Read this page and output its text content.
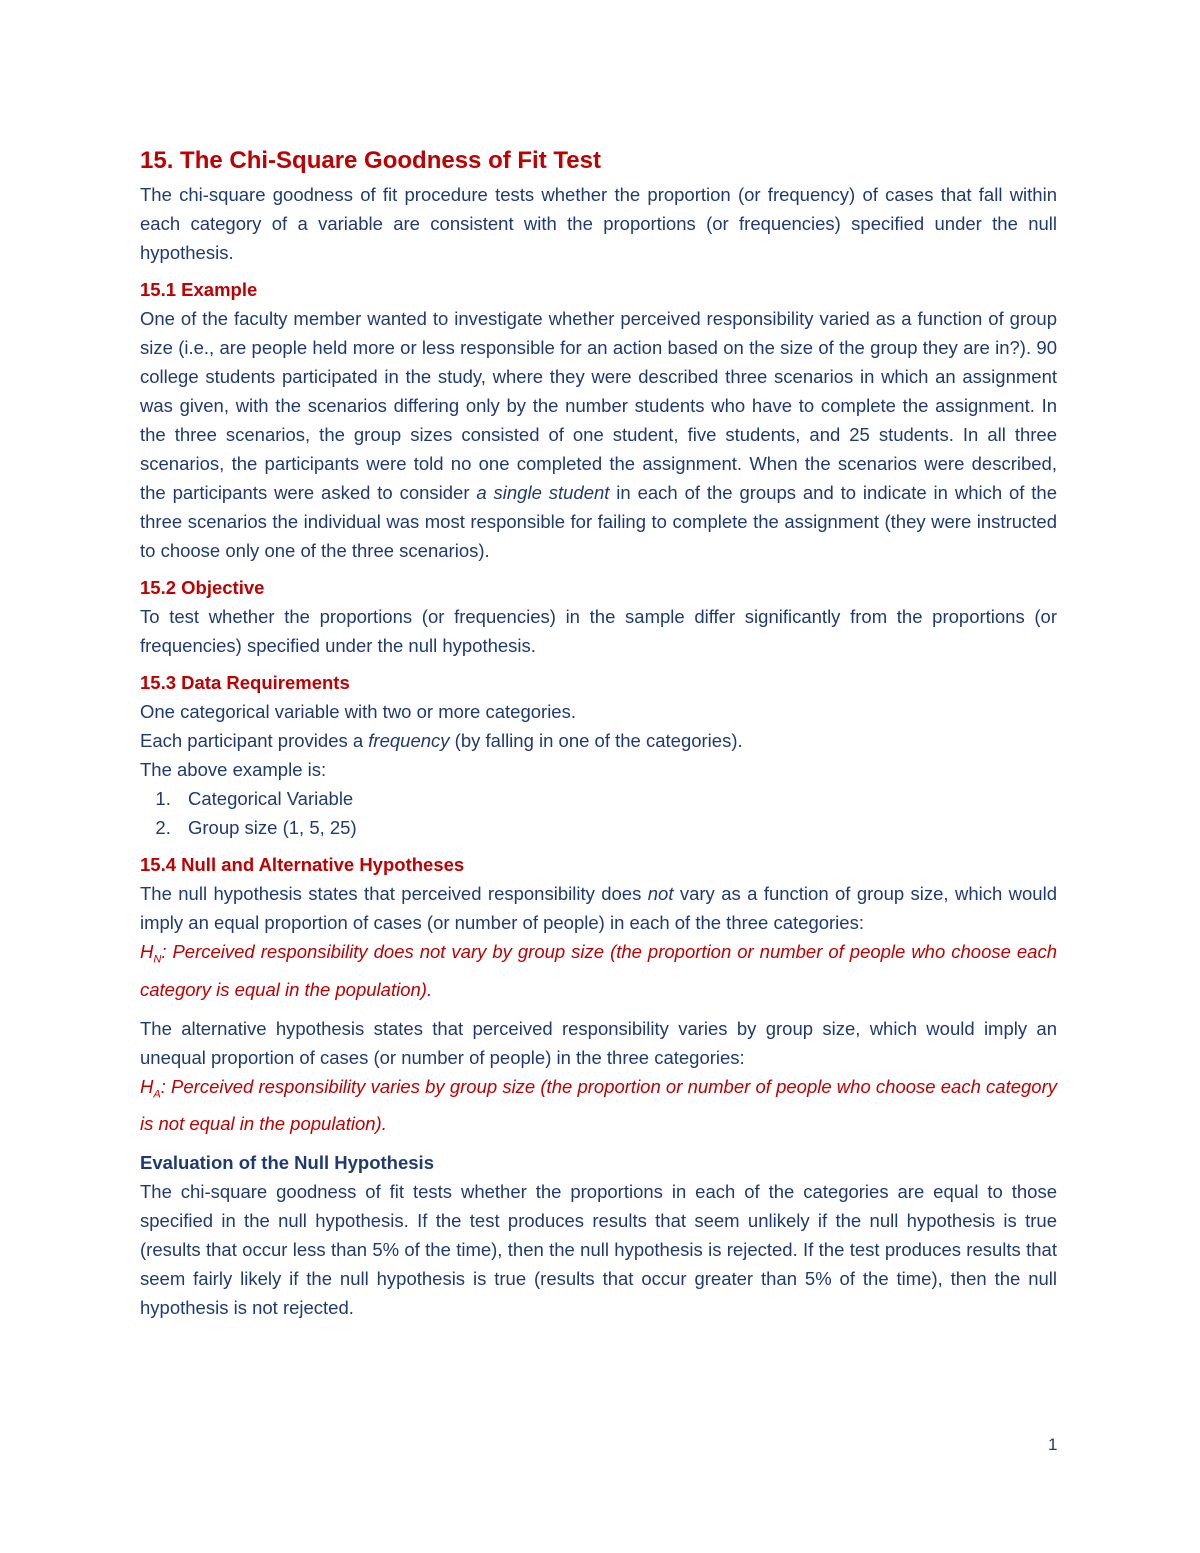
15. The Chi-Square Goodness of Fit Test

The chi-square goodness of fit procedure tests whether the proportion (or frequency) of cases that fall within each category of a variable are consistent with the proportions (or frequencies) specified under the null hypothesis.

15.1 Example

One of the faculty member wanted to investigate whether perceived responsibility varied as a function of group size (i.e., are people held more or less responsible for an action based on the size of the group they are in?). 90 college students participated in the study, where they were described three scenarios in which an assignment was given, with the scenarios differing only by the number students who have to complete the assignment. In the three scenarios, the group sizes consisted of one student, five students, and 25 students. In all three scenarios, the participants were told no one completed the assignment. When the scenarios were described, the participants were asked to consider a single student in each of the groups and to indicate in which of the three scenarios the individual was most responsible for failing to complete the assignment (they were instructed to choose only one of the three scenarios).

15.2 Objective

To test whether the proportions (or frequencies) in the sample differ significantly from the proportions (or frequencies) specified under the null hypothesis.

15.3 Data Requirements

One categorical variable with two or more categories.

Each participant provides a frequency (by falling in one of the categories).

The above example is:

1. Categorical Variable
2. Group size (1, 5, 25)
15.4 Null and Alternative Hypotheses

The null hypothesis states that perceived responsibility does not vary as a function of group size, which would imply an equal proportion of cases (or number of people) in each of the three categories:

$H_N$: Perceived responsibility does not vary by group size (the proportion or number of people who choose each category is equal in the population).

The alternative hypothesis states that perceived responsibility varies by group size, which would imply an unequal proportion of cases (or number of people) in the three categories:

$H_A$: Perceived responsibility varies by group size (the proportion or number of people who choose each category is not equal in the population).

Evaluation of the Null Hypothesis

The chi-square goodness of fit tests whether the proportions in each of the categories are equal to those specified in the null hypothesis. If the test produces results that seem unlikely if the null hypothesis is true (results that occur less than 5% of the time), then the null hypothesis is rejected. If the test produces results that seem fairly likely if the null hypothesis is true (results that occur greater than 5% of the time), then the null hypothesis is not rejected.

1
